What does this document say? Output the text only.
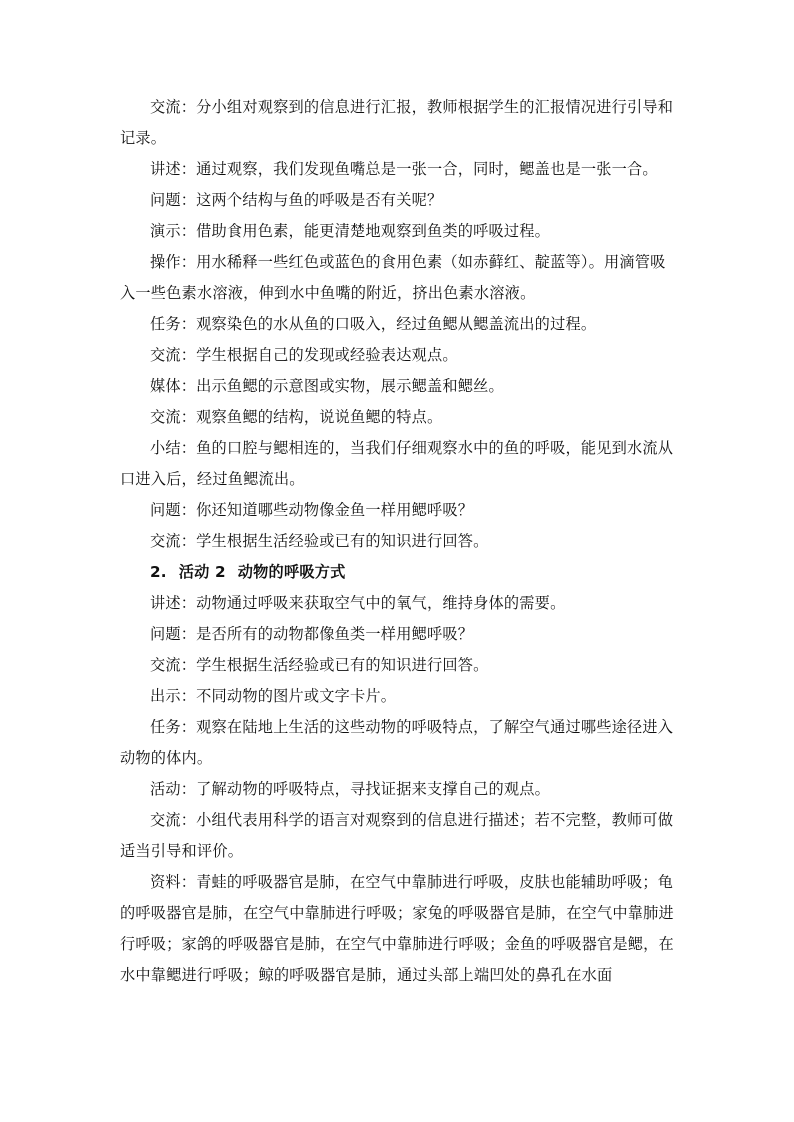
交流：分小组对观察到的信息进行汇报，教师根据学生的汇报情况进行引导和记录。

讲述：通过观察，我们发现鱼嘴总是一张一合，同时，鳃盖也是一张一合。

问题：这两个结构与鱼的呼吸是否有关呢？

演示：借助食用色素，能更清楚地观察到鱼类的呼吸过程。

操作：用水稀释一些红色或蓝色的食用色素（如赤藓红、靛蓝等）。用滴管吸入一些色素水溶液，伸到水中鱼嘴的附近，挤出色素水溶液。

任务：观察染色的水从鱼的口吸入，经过鱼鳃从鳃盖流出的过程。

交流：学生根据自己的发现或经验表达观点。

媒体：出示鱼鳃的示意图或实物，展示鳃盖和鳃丝。

交流：观察鱼鳃的结构，说说鱼鳃的特点。

小结：鱼的口腔与鳃相连的，当我们仔细观察水中的鱼的呼吸，能见到水流从口进入后，经过鱼鳃流出。

问题：你还知道哪些动物像金鱼一样用鳃呼吸？

交流：学生根据生活经验或已有的知识进行回答。

2. 活动 2 动物的呼吸方式

讲述：动物通过呼吸来获取空气中的氧气，维持身体的需要。

问题：是否所有的动物都像鱼类一样用鳃呼吸？

交流：学生根据生活经验或已有的知识进行回答。

出示：不同动物的图片或文字卡片。

任务：观察在陆地上生活的这些动物的呼吸特点，了解空气通过哪些途径进入动物的体内。

活动：了解动物的呼吸特点，寻找证据来支撑自己的观点。

交流：小组代表用科学的语言对观察到的信息进行描述；若不完整，教师可做适当引导和评价。

资料：青蛙的呼吸器官是肺，在空气中靠肺进行呼吸，皮肤也能辅助呼吸；龟的呼吸器官是肺，在空气中靠肺进行呼吸；家兔的呼吸器官是肺，在空气中靠肺进行呼吸；家鸽的呼吸器官是肺，在空气中靠肺进行呼吸；金鱼的呼吸器官是鳃，在水中靠鳃进行呼吸；鲸的呼吸器官是肺，通过头部上端凹处的鼻孔在水面
